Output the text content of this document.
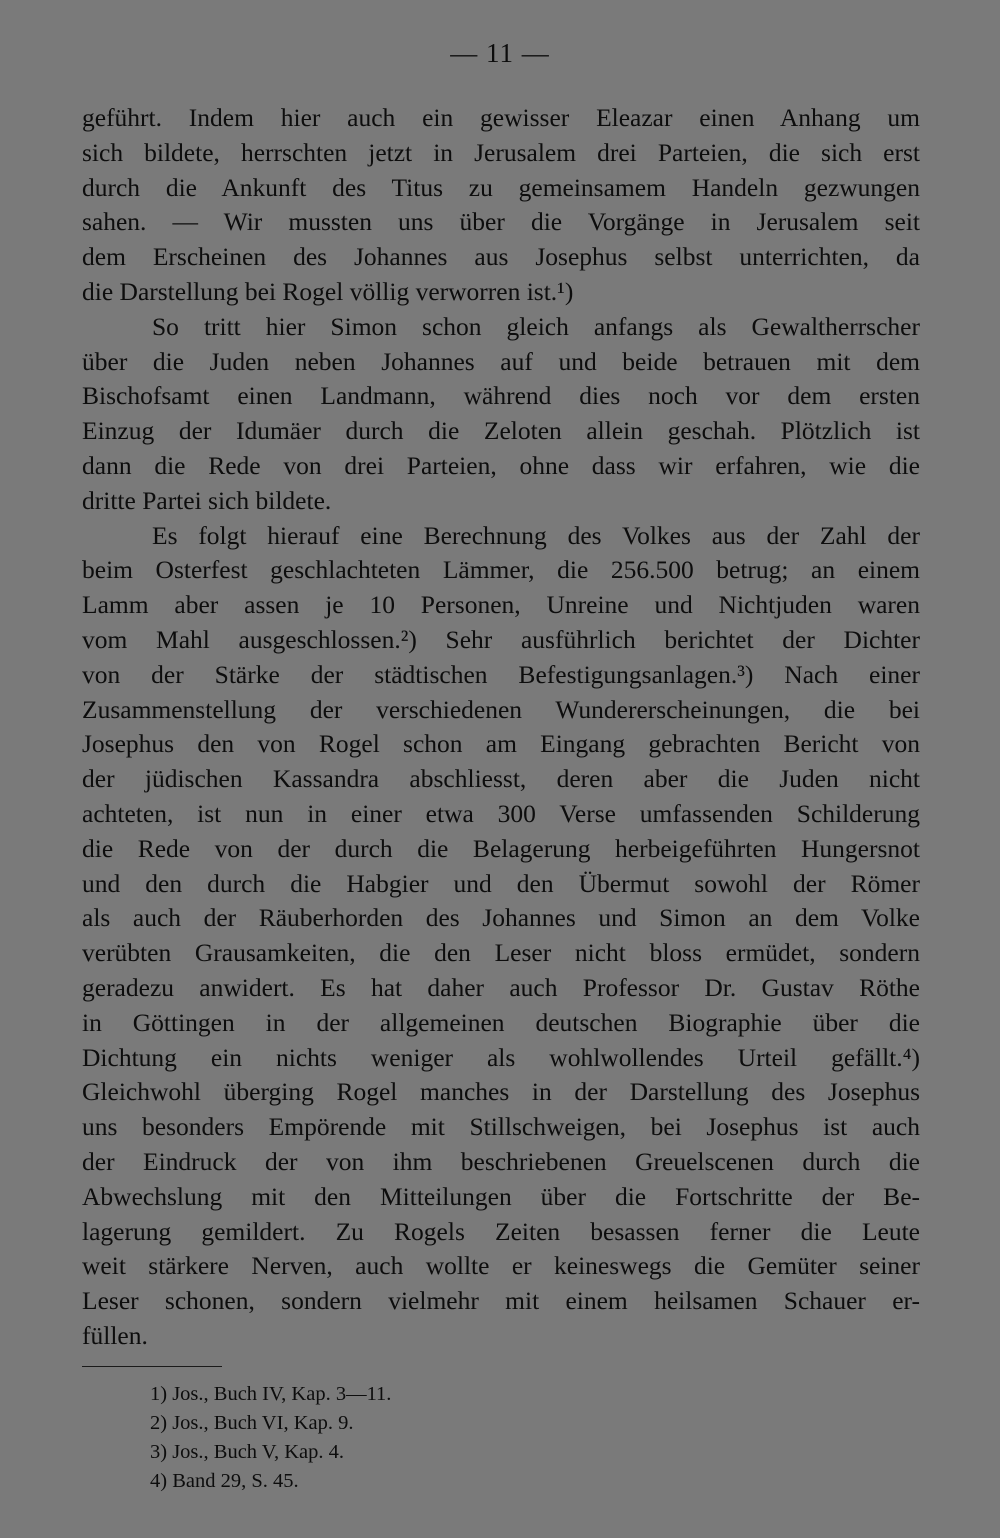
— 11 —
geführt. Indem hier auch ein gewisser Eleazar einen Anhang um
sich bildete, herrschten jetzt in Jerusalem drei Parteien, die sich erst
durch die Ankunft des Titus zu gemeinsamem Handeln gezwungen
sahen. — Wir mussten uns über die Vorgänge in Jerusalem seit
dem Erscheinen des Johannes aus Josephus selbst unterrichten, da
die Darstellung bei Rogel völlig verworren ist.¹)
So tritt hier Simon schon gleich anfangs als Gewaltherrscher
über die Juden neben Johannes auf und beide betrauen mit dem
Bischofsamt einen Landmann, während dies noch vor dem ersten
Einzug der Idumäer durch die Zeloten allein geschah. Plötzlich ist
dann die Rede von drei Parteien, ohne dass wir erfahren, wie die
dritte Partei sich bildete.
Es folgt hierauf eine Berechnung des Volkes aus der Zahl der
beim Osterfest geschlachteten Lämmer, die 256.500 betrug; an einem
Lamm aber assen je 10 Personen, Unreine und Nichtjuden waren
vom Mahl ausgeschlossen.²) Sehr ausführlich berichtet der Dichter
von der Stärke der städtischen Befestigungsanlagen.³) Nach einer
Zusammenstellung der verschiedenen Wundererscheinungen, die bei
Josephus den von Rogel schon am Eingang gebrachten Bericht von
der jüdischen Kassandra abschliesst, deren aber die Juden nicht
achteten, ist nun in einer etwa 300 Verse umfassenden Schilderung
die Rede von der durch die Belagerung herbeigeführten Hungersnot
und den durch die Habgier und den Übermut sowohl der Römer
als auch der Räuberhorden des Johannes und Simon an dem Volke
verübten Grausamkeiten, die den Leser nicht bloss ermüdet, sondern
geradezu anwidert. Es hat daher auch Professor Dr. Gustav Röthe
in Göttingen in der allgemeinen deutschen Biographie über die
Dichtung ein nichts weniger als wohlwollendes Urteil gefällt.⁴)
Gleichwohl überging Rogel manches in der Darstellung des Josephus
uns besonders Empörende mit Stillschweigen, bei Josephus ist auch
der Eindruck der von ihm beschriebenen Greuelscenen durch die
Abwechslung mit den Mitteilungen über die Fortschritte der Be-
lagerung gemildert. Zu Rogels Zeiten besassen ferner die Leute
weit stärkere Nerven, auch wollte er keineswegs die Gemüter seiner
Leser schonen, sondern vielmehr mit einem heilsamen Schauer er-
füllen.
1) Jos., Buch IV, Kap. 3—11.
2) Jos., Buch VI, Kap. 9.
3) Jos., Buch V, Kap. 4.
4) Band 29, S. 45.
